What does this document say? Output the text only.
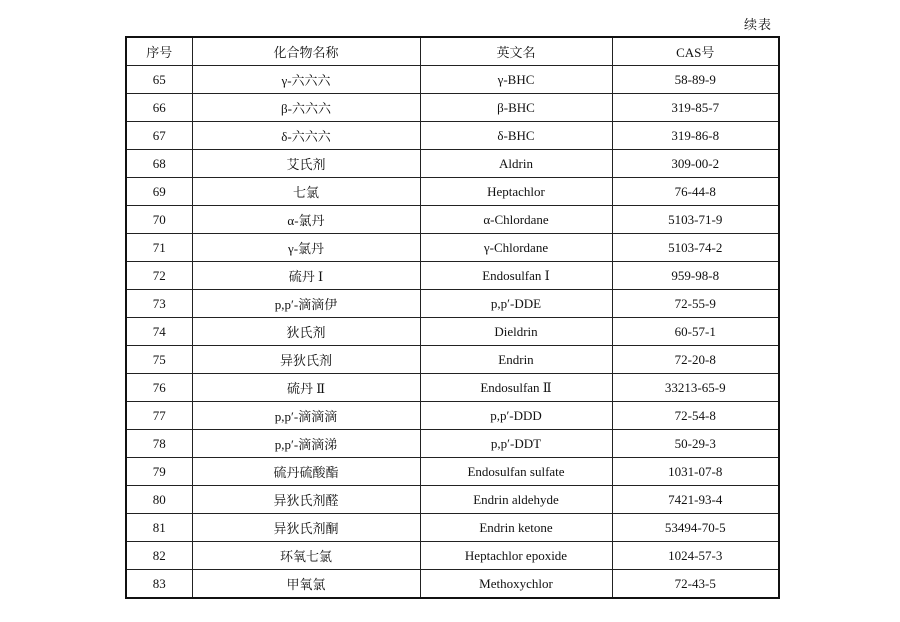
续表
序号	化合物名称	英文名	CAS号
65	γ-六六六	γ-BHC	58-89-9
66	β-六六六	β-BHC	319-85-7
67	δ-六六六	δ-BHC	319-86-8
68	艾氏剂	Aldrin	309-00-2
69	七氯	Heptachlor	76-44-8
70	α-氯丹	α-Chlordane	5103-71-9
71	γ-氯丹	γ-Chlordane	5103-74-2
72	硫丹 Ⅰ	Endosulfan Ⅰ	959-98-8
73	p,p′-滴滴伊	p,p′-DDE	72-55-9
74	狄氏剂	Dieldrin	60-57-1
75	异狄氏剂	Endrin	72-20-8
76	硫丹 Ⅱ	Endosulfan Ⅱ	33213-65-9
77	p,p′-滴滴滴	p,p′-DDD	72-54-8
78	p,p′-滴滴涕	p,p′-DDT	50-29-3
79	硫丹硫酸酯	Endosulfan sulfate	1031-07-8
80	异狄氏剂醛	Endrin aldehyde	7421-93-4
81	异狄氏剂酮	Endrin ketone	53494-70-5
82	环氧七氯	Heptachlor epoxide	1024-57-3
83	甲氧氯	Methoxychlor	72-43-5
